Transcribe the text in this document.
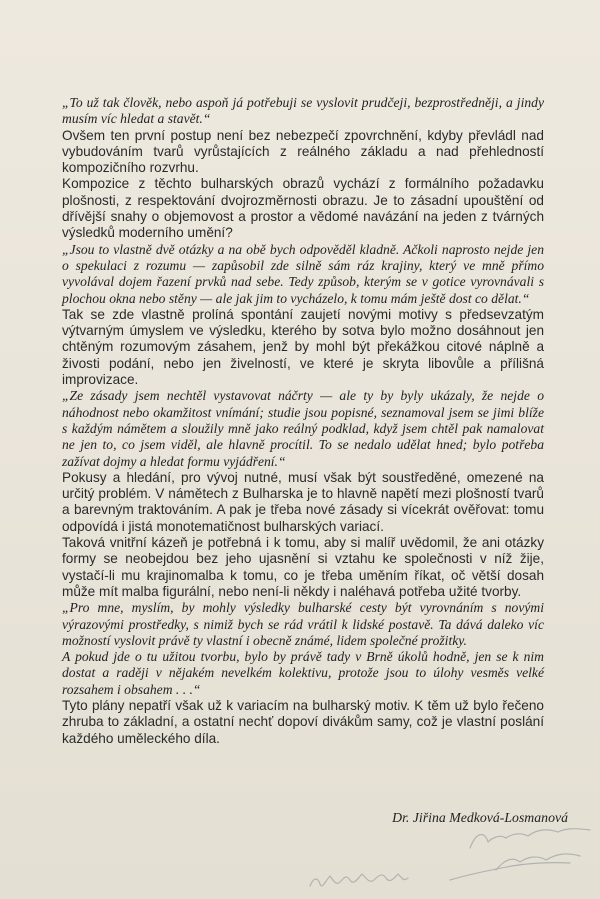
„To už tak člověk, nebo aspoň já potřebuji se vyslovit prudčeji, bezprostředněji, a jindy musím víc hledat a stavět.“

Ovšem ten první postup není bez nebezpečí zpovrchnění, kdyby převládl nad vybudováním tvarů vyrůstajících z reálného základu a nad přehledností kompozičního rozvrhu.

Kompozice z těchto bulharských obrazů vychází z formálního požadavku plošnosti, z respektování dvojrozměrnosti obrazu. Je to zásadní upouštění od dřívější snahy o objemovost a prostor a vědomé navázání na jeden z tvárných výsledků moderního umění?

„Jsou to vlastně dvě otázky a na obě bych odpověděl kladně. Ačkoli naprosto nejde jen o spekulaci z rozumu — zapůsobil zde silně sám ráz krajiny, který ve mně přímo vyvolával dojem řazení prvků nad sebe. Tedy způsob, kterým se v gotice vyrovnávali s plochou okna nebo stěny — ale jak jim to vycházelo, k tomu mám ještě dost co dělat.“

Tak se zde vlastně prolíná spontání zaujetí novými motivy s předsevzatým výtvarným úmyslem ve výsledku, kterého by sotva bylo možno dosáhnout jen chtěným rozumovým zásahem, jenž by mohl být překážkou citové náplně a živosti podání, nebo jen živelností, ve které je skryta libovůle a přílišná improvizace.

„Ze zásady jsem nechtěl vystavovat náčrty — ale ty by byly ukázaly, že nejde o náhodnost nebo okamžitost vnímání; studie jsou popisné, seznamoval jsem se jimi blíže s každým námětem a sloužily mně jako reálný podklad, když jsem chtěl pak namalovat ne jen to, co jsem viděl, ale hlavně procítil. To se nedalo udělat hned; bylo potřeba zažívat dojmy a hledat formu vyjádření.“

Pokusy a hledání, pro vývoj nutné, musí však být soustředěné, omezené na určitý problém. V námětech z Bulharska je to hlavně napětí mezi plošností tvarů a barevným traktováním. A pak je třeba nové zásady si vícekrát ověřovat: tomu odpovídá i jistá monotematičnost bulharských variací.

Taková vnitřní kázeň je potřebná i k tomu, aby si malíř uvědomil, že ani otázky formy se neobejdou bez jeho ujasnění si vztahu ke společnosti v níž žije, vystačí-li mu krajinomalba k tomu, co je třeba uměním říkat, oč větší dosah může mít malba figurální, nebo není-li někdy i naléhavá potřeba užité tvorby.

„Pro mne, myslím, by mohly výsledky bulharské cesty být vyrovnáním s novými výrazovými prostředky, s nimiž bych se rád vrátil k lidské postavě. Ta dává daleko víc možností vyslovit právě ty vlastní i obecně známé, lidem společné prožitky.

A pokud jde o tu užitou tvorbu, bylo by právě tady v Brně úkolů hodně, jen se k nim dostat a raději v nějakém nevelkém kolektivu, protože jsou to úlohy vesměs velké rozsahem i obsahem . . .“

Tyto plány nepatří však už k variacím na bulharský motiv. K těm už bylo řečeno zhruba to základní, a ostatní nechť dopoví divákům samy, což je vlastní poslání každého uměleckého díla.

Dr. Jiřina Medková-Losmanová
